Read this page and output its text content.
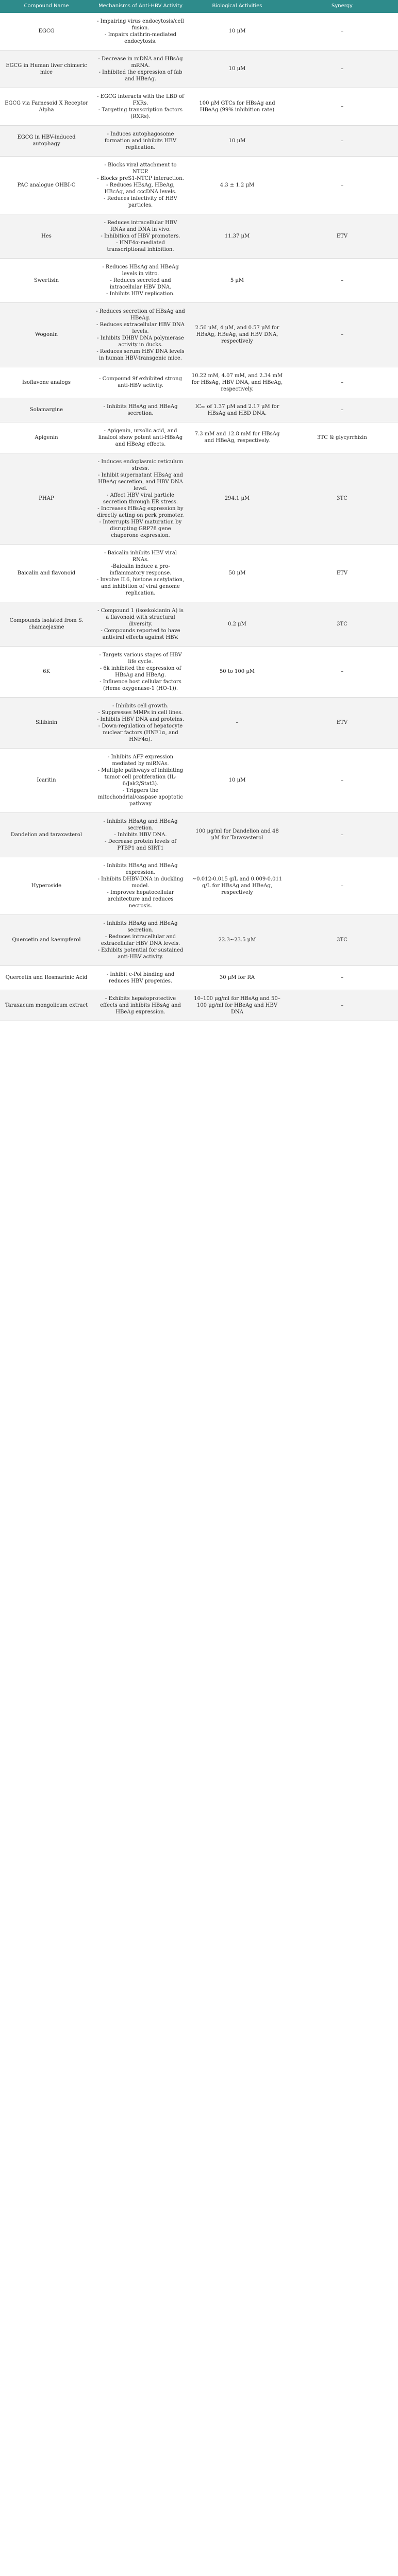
Compound Name	Mechanisms of Anti-HBV Activity	Biological Activities	Synergy
EGCG	- Impairing virus endocytosis/cell fusion.
- Impairs clathrin-mediated endocytosis.	10 μM	–
EGCG in Human liver chimeric mice	- Decrease in rcDNA and HBsAg mRNA.
- Inhibited the expression of fab and HBeAg.	10 μM	–
EGCG via Farnesoid X Receptor Alpha	- EGCG interacts with the LBD of FXRs.
- Targeting transcription factors (RXRs).	100 μM GTCs for HBsAg and HBeAg (99% inhibition rate)	–
EGCG in HBV-induced autophagy	- Induces autophagosome formation and inhibits HBV replication.	10 μM	–
PAC analogue OHBI-C	- Blocks viral attachment to NTCP.
- Blocks preS1-NTCP interaction.
- Reduces HBsAg, HBeAg, HBcAg, and cccDNA levels.
- Reduces infectivity of HBV particles.	4.3 ± 1.2 μM	–
Hes	- Reduces intracellular HBV RNAs and DNA in vivo.
- Inhibition of HBV promoters.
- HNF4α-mediated transcriptional inhibition.	11.37 μM	ETV
Swertisin	- Reduces HBsAg and HBeAg levels in vitro.
- Reduces secreted and intracellular HBV DNA.
- Inhibits HBV replication.	5 μM	–
Wogonin	- Reduces secretion of HBsAg and HBeAg.
- Reduces extracellular HBV DNA levels.
- Inhibits DHBV DNA polymerase activity in ducks.
- Reduces serum HBV DNA levels in human HBV-transgenic mice.	2.56 μM, 4 μM, and 0.57 μM for HBsAg, HBeAg, and HBV DNA, respectively	–
Isoflavone analogs	- Compound 9f exhibited strong anti-HBV activity.	10.22 mM, 4.07 mM, and 2.34 mM for HBsAg, HBV DNA, and HBeAg, respectively.	–
Solamargine	- Inhibits HBsAg and HBeAg secretion.	IC₅₀ of 1.37 μM and 2.17 μM for HBsAg and HBD DNA.	–
Apigenin	- Apigenin, ursolic acid, and linalool show potent anti-HBsAg and HBeAg effects.	7.3 mM and 12.8 mM for HBsAg and HBeAg, respectively.	3TC & glycyrrhizin
PHAP	- Induces endoplasmic reticulum stress.
- Inhibit supernatant HBsAg and HBeAg secretion, and HBV DNA level.
- Affect HBV viral particle secretion through ER stress.
- Increases HBsAg expression by directly acting on perk promoter.
- Interrupts HBV maturation by disrupting GRP78 gene chaperone expression.	294.1 μM	3TC
Baicalin and flavonoid	- Baicalin inhibits HBV viral RNAs.
-Baicalin induce a pro-inflammatory response.
- Involve IL6, histone acetylation, and inhibition of viral genome replication.	50 μM	ETV
Compounds isolated from S. chamaejasme	- Compound 1 (isoskokianin A) is a flavonoid with structural diversity.
- Compounds reported to have antiviral effects against HBV.	0.2 μM	3TC
6K	- Targets various stages of HBV life cycle.
- 6k inhibited the expression of HBsAg and HBeAg.
- Influence host cellular factors (Heme oxygenase-1 (HO-1)).	50 to 100 μM	–
Silibinin	- Inhibits cell growth.
- Suppresses MMPs in cell lines.
- Inhibits HBV DNA and proteins.
- Down-regulation of hepatocyte nuclear factors (HNF1α, and HNF4α).	–	ETV
Icaritin	- Inhibits AFP expression mediated by miRNAs.
- Multiple pathways of inhibiting tumor cell proliferation (IL-6/Jak2/Stat3).
- Triggers the mitochondrial/caspase apoptotic pathway	10 μM	–
Dandelion and taraxasterol	- Inhibits HBsAg and HBeAg secretion.
- Inhibits HBV DNA.
- Decrease protein levels of PTBP1 and SIRT1	100 μg/ml for Dandelion and 48 μM for Taraxasterol	–
Hyperoside	- Inhibits HBsAg and HBeAg expression.
- Inhibits DHBV-DNA in duckling model.
- Improves hepatocellular architecture and reduces necrosis.	~0.012-0.015 g/L and 0.009-0.011 g/L for HBsAg and HBeAg, respectively	–
Quercetin and kaempferol	- Inhibits HBsAg and HBeAg secretion.
- Reduces intracellular and extracellular HBV DNA levels.
- Exhibits potential for sustained anti-HBV activity.	22.3~23.5 μM	3TC
Quercetin and Rosmarinic Acid	- Inhibit c-Pol binding and reduces HBV progenies.	30 μM for RA	–
Taraxacum mongolicum extract	- Exhibits hepatoprotective effects and inhibits HBsAg and HBeAg expression.	10–100 μg/ml for HBsAg and 50–100 μg/ml for HBeAg and HBV DNA	–
